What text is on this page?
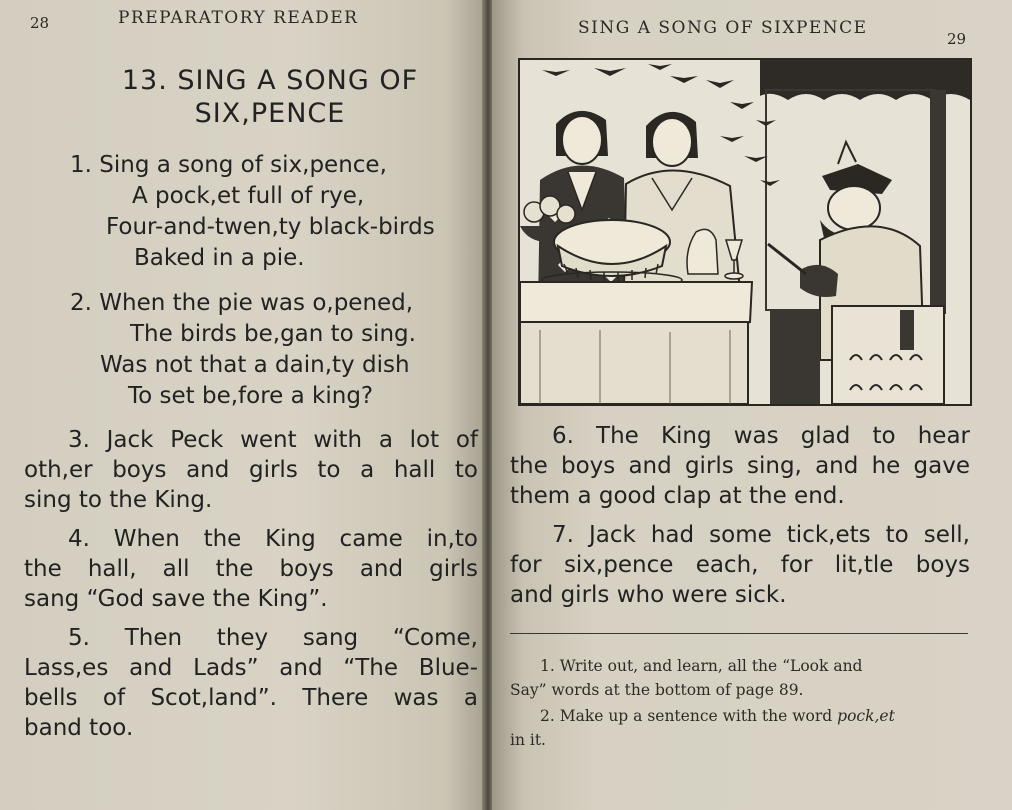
28	PREPARATORY READER
13. SING A SONG OF
SIX,PENCE
1. Sing a song of six,pence,
A pock,et full of rye,
Four-and-twen,ty black-birds
Baked in a pie.
2. When the pie was o,pened,
The birds be,gan to sing.
Was not that a dain,ty dish
To set be,fore a king?
3. Jack Peck went with a lot of
oth,er boys and girls to a hall to
sing to the King.
4. When the King came in,to
the hall, all the boys and girls
sang “God save the King”.
5. Then they sang “Come,
Lass,es and Lads” and “The Blue-
bells of Scot,land”. There was a
band too.
SING A SONG OF SIXPENCE
29
6. The King was glad to hear
the boys and girls sing, and he gave
them a good clap at the end.
7. Jack had some tick,ets to sell,
for six,pence each, for lit,tle boys
and girls who were sick.
1. Write out, and learn, all the “Look and
Say” words at the bottom of page 89.
2. Make up a sentence with the word pock,et
in it.
